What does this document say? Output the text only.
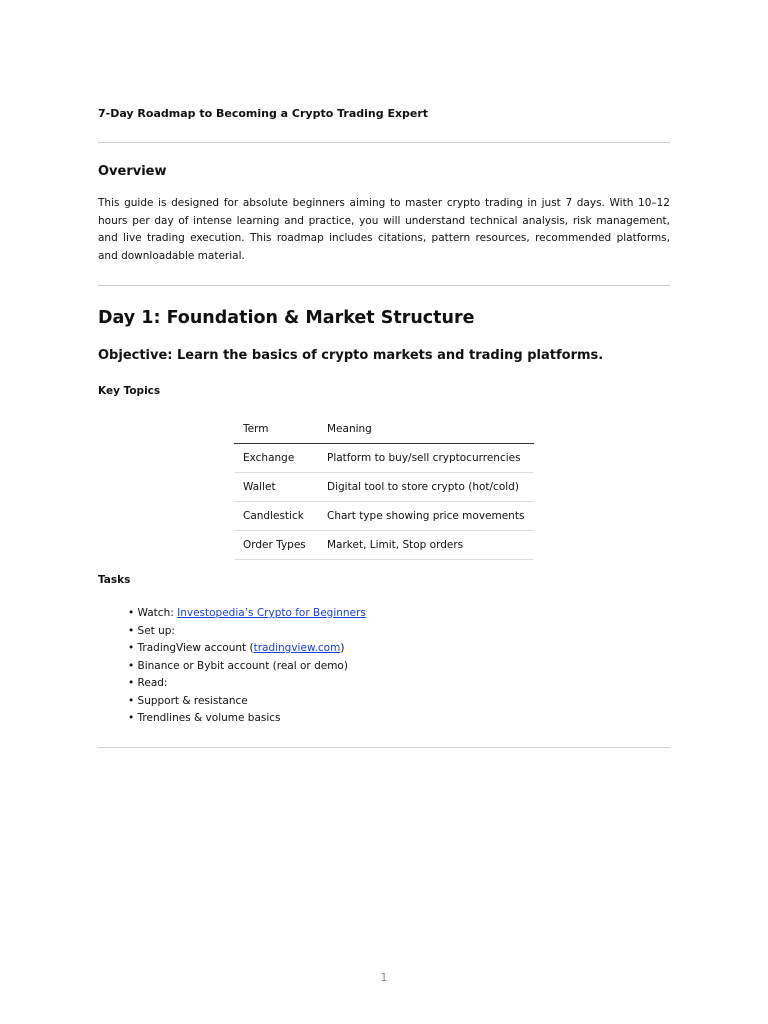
7-Day Roadmap to Becoming a Crypto Trading Expert
Overview

This guide is designed for absolute beginners aiming to master crypto trading in just 7 days. With 10–12 hours per day of intense learning and practice, you will understand technical analysis, risk management, and live trading execution. This roadmap includes citations, pattern resources, recommended platforms, and downloadable material.

Day 1: Foundation & Market Structure
Objective: Learn the basics of crypto markets and trading platforms.
Key Topics
Term	Meaning
Exchange	Platform to buy/sell cryptocurrencies
Wallet	Digital tool to store crypto (hot/cold)
Candlestick	Chart type showing price movements
Order Types	Market, Limit, Stop orders
Tasks
• Watch: Investopedia’s Crypto for Beginners
• Set up:
• TradingView account (tradingview.com)
• Binance or Bybit account (real or demo)
• Read:
• Support & resistance
• Trendlines & volume basics
1
